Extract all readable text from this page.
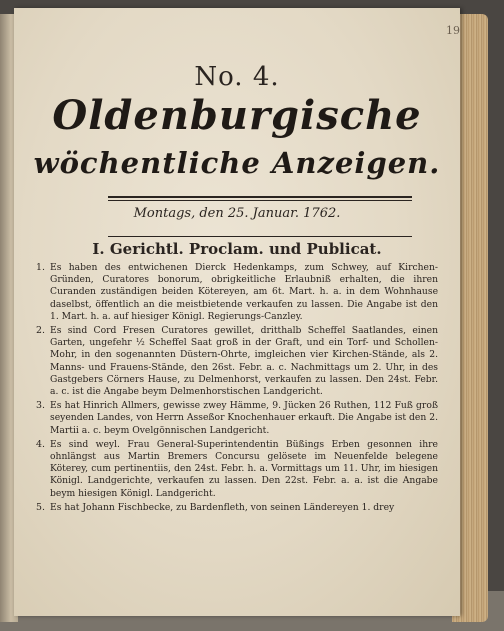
19
No. 4.
Oldenburgische
wöchentliche Anzeigen.
Montags, den 25. Januar. 1762.
I. Gerichtl. Proclam. und Publicat.
1. Es haben des entwichenen Dierck Hedenkamps, zum Schwey, auf Kirchen-Gründen, Curatores bonorum, obrigkeitliche Erlaubniß erhalten, die ihren Curanden zuständigen beiden Kötereyen, am 6t. Mart. h. a. in dem Wohnhause daselbst, öffentlich an die meistbietende verkaufen zu lassen. Die Angabe ist den 1. Mart. h. a. auf hiesiger Königl. Regierungs-Canzley.
2. Es sind Cord Fresen Curatores gewillet, dritthalb Scheffel Saatlandes, einen Garten, ungefehr ½ Scheffel Saat groß in der Graft, und ein Torf- und Schollen-Mohr, in den sogenannten Düstern-Ohrte, imgleichen vier Kirchen-Stände, als 2. Manns- und Frauens-Stände, den 26st. Febr. a. c. Nachmittags um 2. Uhr, in des Gastgebers Cörners Hause, zu Delmenhorst, verkaufen zu lassen. Den 24st. Febr. a. c. ist die Angabe beym Delmenhorstischen Landgericht.
3. Es hat Hinrich Allmers, gewisse zwey Hämme, 9. Jücken 26 Ruthen, 112 Fuß groß seyenden Landes, von Herrn Asseßor Knochenhauer erkauft. Die Angabe ist den 2. Martii a. c. beym Ovelgönnischen Landgericht.
4. Es sind weyl. Frau General-Superintendentin Büßings Erben gesonnen ihre ohnlängst aus Martin Bremers Concursu gelösete im Neuenfelde belegene Köterey, cum pertinentiis, den 24st. Febr. h. a. Vormittags um 11. Uhr, im hiesigen Königl. Landgerichte, verkaufen zu lassen. Den 22st. Febr. a. a. ist die Angabe beym hiesigen Königl. Landgericht.
5. Es hat Johann Fischbecke, zu Bardenfleth, von seinen Ländereyen 1. drey
